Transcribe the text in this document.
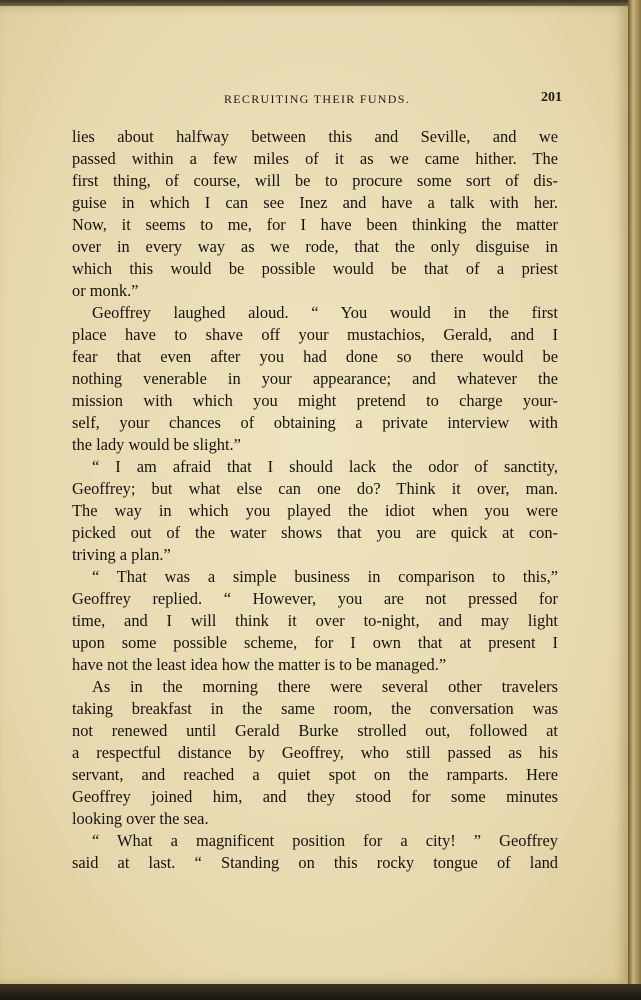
RECRUITING THEIR FUNDS.	201
lies about halfway between this and Seville, and we
passed within a few miles of it as we came hither. The
first thing, of course, will be to procure some sort of dis-
guise in which I can see Inez and have a talk with her.
Now, it seems to me, for I have been thinking the matter
over in every way as we rode, that the only disguise in
which this would be possible would be that of a priest
or monk.”
Geoffrey laughed aloud. “ You would in the first
place have to shave off your mustachios, Gerald, and I
fear that even after you had done so there would be
nothing venerable in your appearance; and whatever the
mission with which you might pretend to charge your-
self, your chances of obtaining a private interview with
the lady would be slight.”
“ I am afraid that I should lack the odor of sanctity,
Geoffrey; but what else can one do? Think it over, man.
The way in which you played the idiot when you were
picked out of the water shows that you are quick at con-
triving a plan.”
“ That was a simple business in comparison to this,”
Geoffrey replied. “ However, you are not pressed for
time, and I will think it over to-night, and may light
upon some possible scheme, for I own that at present I
have not the least idea how the matter is to be managed.”
As in the morning there were several other travelers
taking breakfast in the same room, the conversation was
not renewed until Gerald Burke strolled out, followed at
a respectful distance by Geoffrey, who still passed as his
servant, and reached a quiet spot on the ramparts. Here
Geoffrey joined him, and they stood for some minutes
looking over the sea.
“ What a magnificent position for a city! ” Geoffrey
said at last. “ Standing on this rocky tongue of land
